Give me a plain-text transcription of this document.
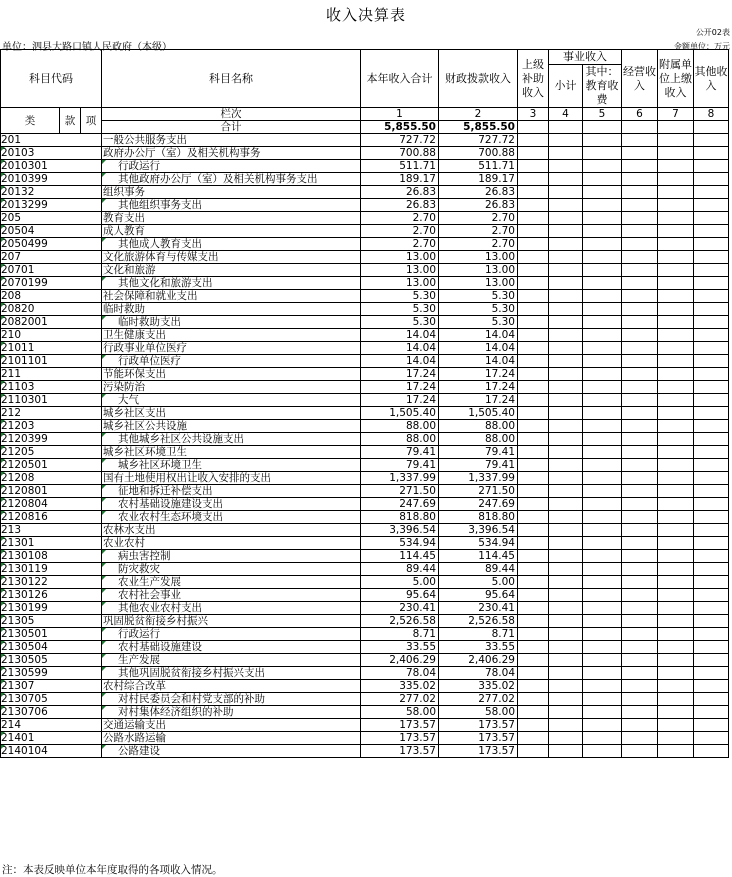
收入决算表
公开02表
单位：泗县大路口镇人民政府（本级）	金额单位：万元
科目代码			科目名称	本年收入合计	财政拨款收入	上级补助收入	事业收入		经营收入	附属单位上缴收入	其他收入
							小计	其中：教育收费			
类	款	项	栏次	1	2	3	4	5	6	7	8
			合计	5,855.50	5,855.50						
201			一般公共服务支出	727.72	727.72						
20103			政府办公厅（室）及相关机构事务	700.88	700.88						
2010301			行政运行	511.71	511.71						
2010399			其他政府办公厅（室）及相关机构事务支出	189.17	189.17						
20132			组织事务	26.83	26.83						
2013299			其他组织事务支出	26.83	26.83						
205			教育支出	2.70	2.70						
20504			成人教育	2.70	2.70						
2050499			其他成人教育支出	2.70	2.70						
207			文化旅游体育与传媒支出	13.00	13.00						
20701			文化和旅游	13.00	13.00						
2070199			其他文化和旅游支出	13.00	13.00						
208			社会保障和就业支出	5.30	5.30						
20820			临时救助	5.30	5.30						
2082001			临时救助支出	5.30	5.30						
210			卫生健康支出	14.04	14.04						
21011			行政事业单位医疗	14.04	14.04						
2101101			行政单位医疗	14.04	14.04						
211			节能环保支出	17.24	17.24						
21103			污染防治	17.24	17.24						
2110301			大气	17.24	17.24						
212			城乡社区支出	1,505.40	1,505.40						
21203			城乡社区公共设施	88.00	88.00						
2120399			其他城乡社区公共设施支出	88.00	88.00						
21205			城乡社区环境卫生	79.41	79.41						
2120501			城乡社区环境卫生	79.41	79.41						
21208			国有土地使用权出让收入安排的支出	1,337.99	1,337.99						
2120801			征地和拆迁补偿支出	271.50	271.50						
2120804			农村基础设施建设支出	247.69	247.69						
2120816			农业农村生态环境支出	818.80	818.80						
213			农林水支出	3,396.54	3,396.54						
21301			农业农村	534.94	534.94						
2130108			病虫害控制	114.45	114.45						
2130119			防灾救灾	89.44	89.44						
2130122			农业生产发展	5.00	5.00						
2130126			农村社会事业	95.64	95.64						
2130199			其他农业农村支出	230.41	230.41						
21305			巩固脱贫衔接乡村振兴	2,526.58	2,526.58						
2130501			行政运行	8.71	8.71						
2130504			农村基础设施建设	33.55	33.55						
2130505			生产发展	2,406.29	2,406.29						
2130599			其他巩固脱贫衔接乡村振兴支出	78.04	78.04						
21307			农村综合改革	335.02	335.02						
2130705			对村民委员会和村党支部的补助	277.02	277.02						
2130706			对村集体经济组织的补助	58.00	58.00						
214			交通运输支出	173.57	173.57						
21401			公路水路运输	173.57	173.57						
2140104			公路建设	173.57	173.57						
注：本表反映单位本年度取得的各项收入情况。
